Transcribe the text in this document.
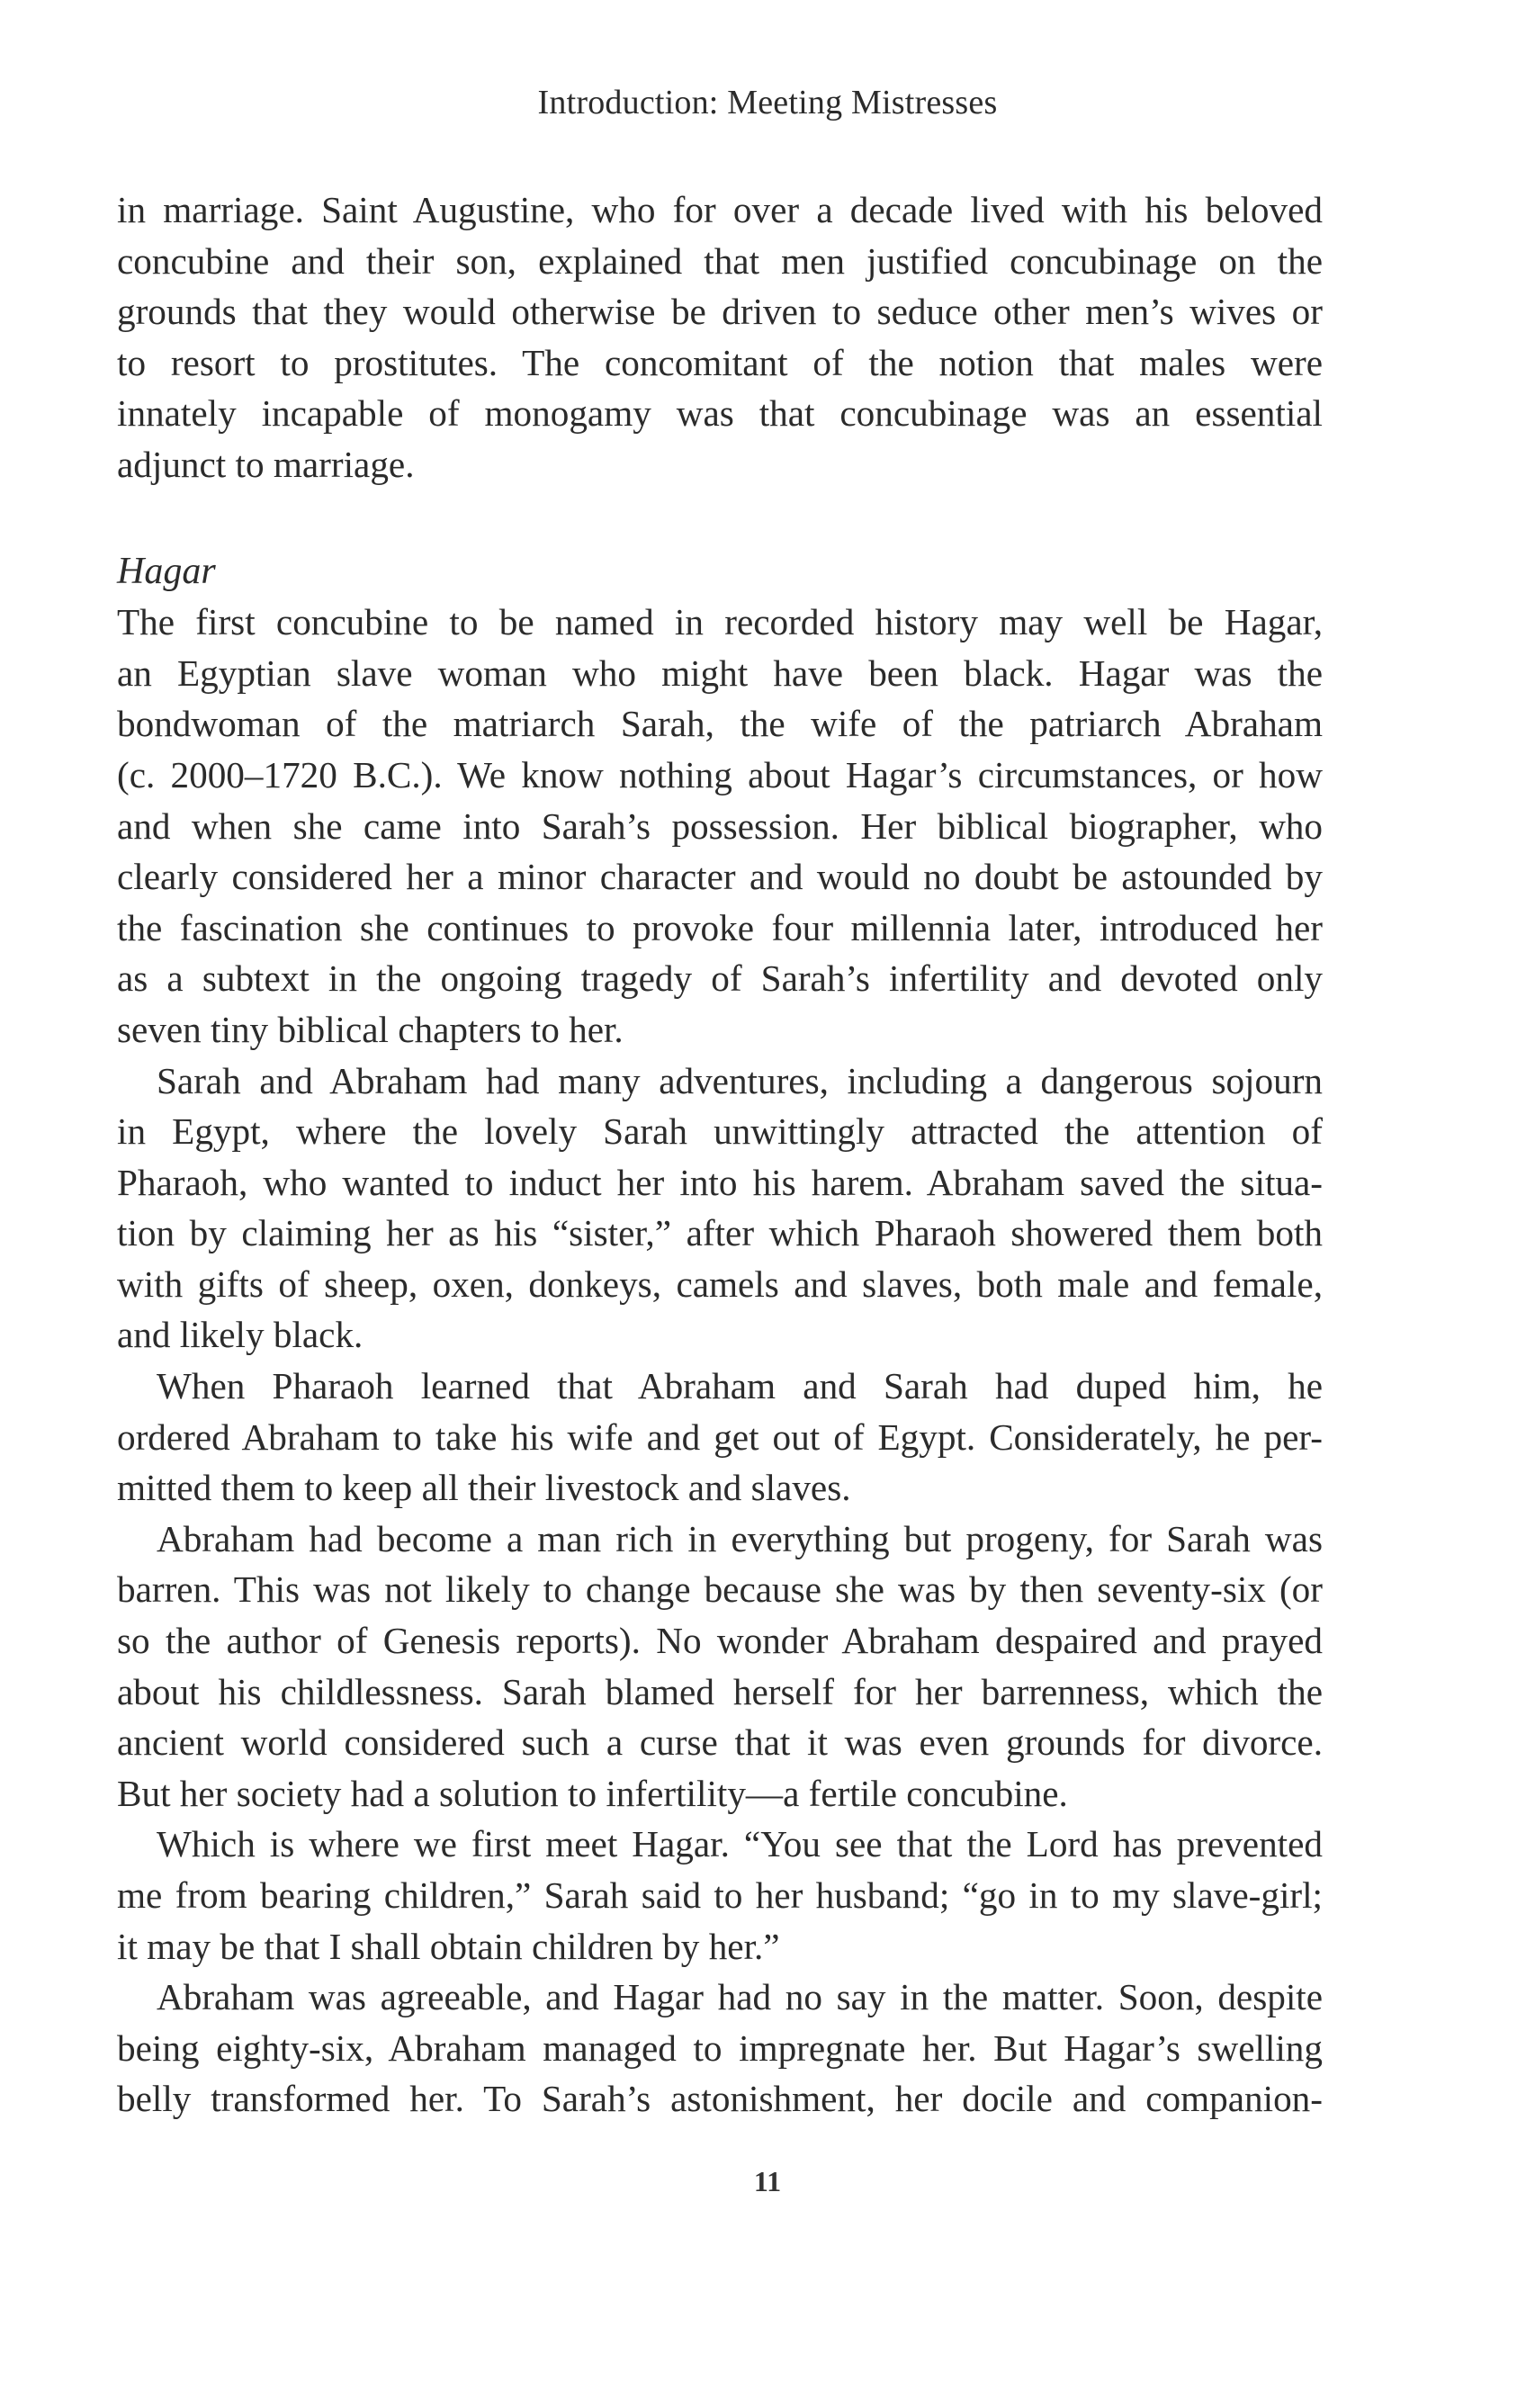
Introduction: Meeting Mistresses
in marriage. Saint Augustine, who for over a decade lived with his beloved
concubine and their son, explained that men justified concubinage on the
grounds that they would otherwise be driven to seduce other men’s wives or
to resort to prostitutes. The concomitant of the notion that males were
innately incapable of monogamy was that concubinage was an essential
adjunct to marriage.
Hagar
The first concubine to be named in recorded history may well be Hagar,
an Egyptian slave woman who might have been black. Hagar was the
bondwoman of the matriarch Sarah, the wife of the patriarch Abraham
(c. 2000–1720 B.C.). We know nothing about Hagar’s circumstances, or how
and when she came into Sarah’s possession. Her biblical biographer, who
clearly considered her a minor character and would no doubt be astounded by
the fascination she continues to provoke four millennia later, introduced her
as a subtext in the ongoing tragedy of Sarah’s infertility and devoted only
seven tiny biblical chapters to her.
Sarah and Abraham had many adventures, including a dangerous sojourn
in Egypt, where the lovely Sarah unwittingly attracted the attention of
Pharaoh, who wanted to induct her into his harem. Abraham saved the situa-
tion by claiming her as his “sister,” after which Pharaoh showered them both
with gifts of sheep, oxen, donkeys, camels and slaves, both male and female,
and likely black.
When Pharaoh learned that Abraham and Sarah had duped him, he
ordered Abraham to take his wife and get out of Egypt. Considerately, he per-
mitted them to keep all their livestock and slaves.
Abraham had become a man rich in everything but progeny, for Sarah was
barren. This was not likely to change because she was by then seventy-six (or
so the author of Genesis reports). No wonder Abraham despaired and prayed
about his childlessness. Sarah blamed herself for her barrenness, which the
ancient world considered such a curse that it was even grounds for divorce.
But her society had a solution to infertility—a fertile concubine.
Which is where we first meet Hagar. “You see that the Lord has prevented
me from bearing children,” Sarah said to her husband; “go in to my slave-girl;
it may be that I shall obtain children by her.”
Abraham was agreeable, and Hagar had no say in the matter. Soon, despite
being eighty-six, Abraham managed to impregnate her. But Hagar’s swelling
belly transformed her. To Sarah’s astonishment, her docile and companion-
11
